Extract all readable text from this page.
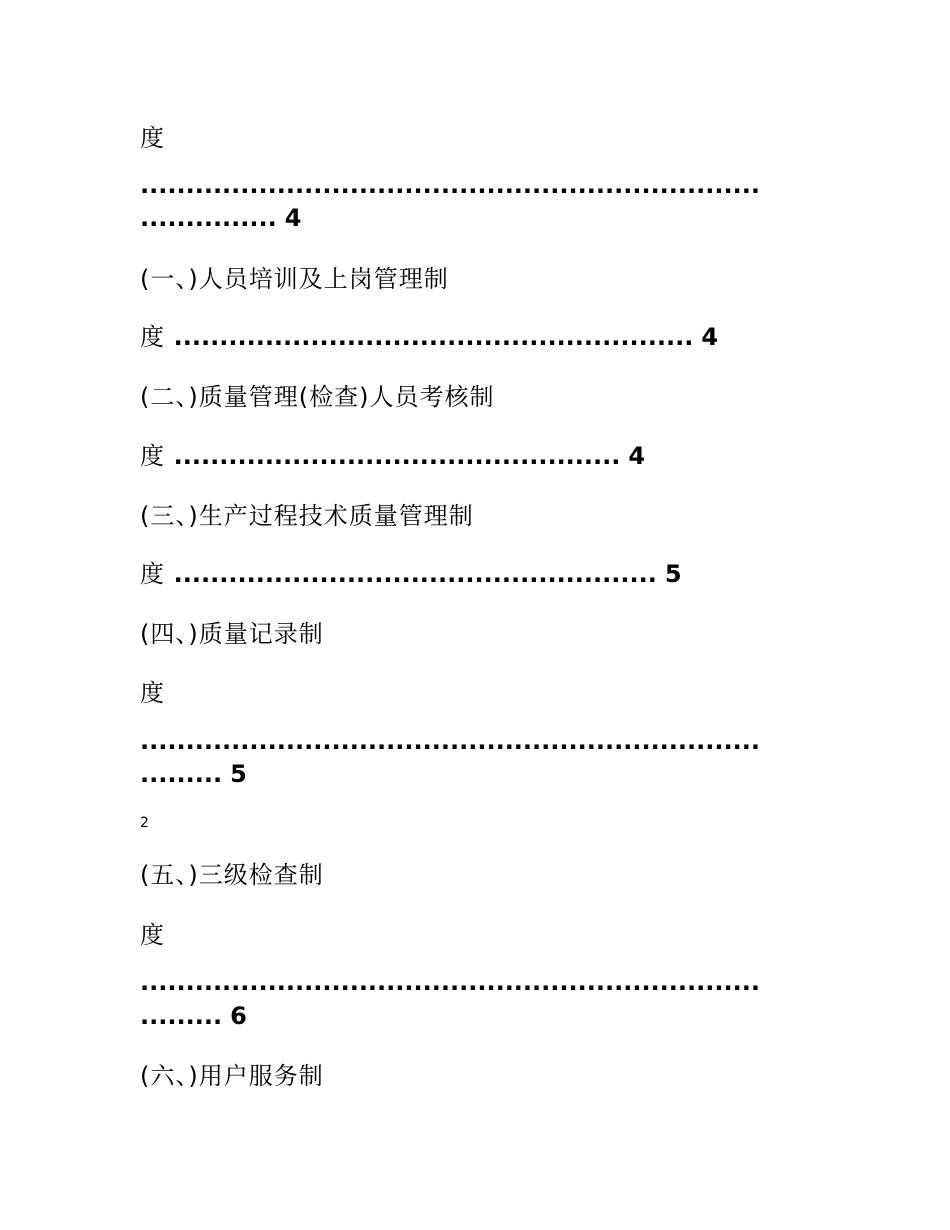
度
....................................................................
............... 4
(一、)人员培训及上岗管理制
度 ......................................................... 4
(二、)质量管理(检查)人员考核制
度 ................................................. 4
(三、)生产过程技术质量管理制
度 ..................................................... 5
(四、)质量记录制
度
....................................................................
......... 5
2
(五、)三级检查制
度
....................................................................
......... 6
(六、)用户服务制
